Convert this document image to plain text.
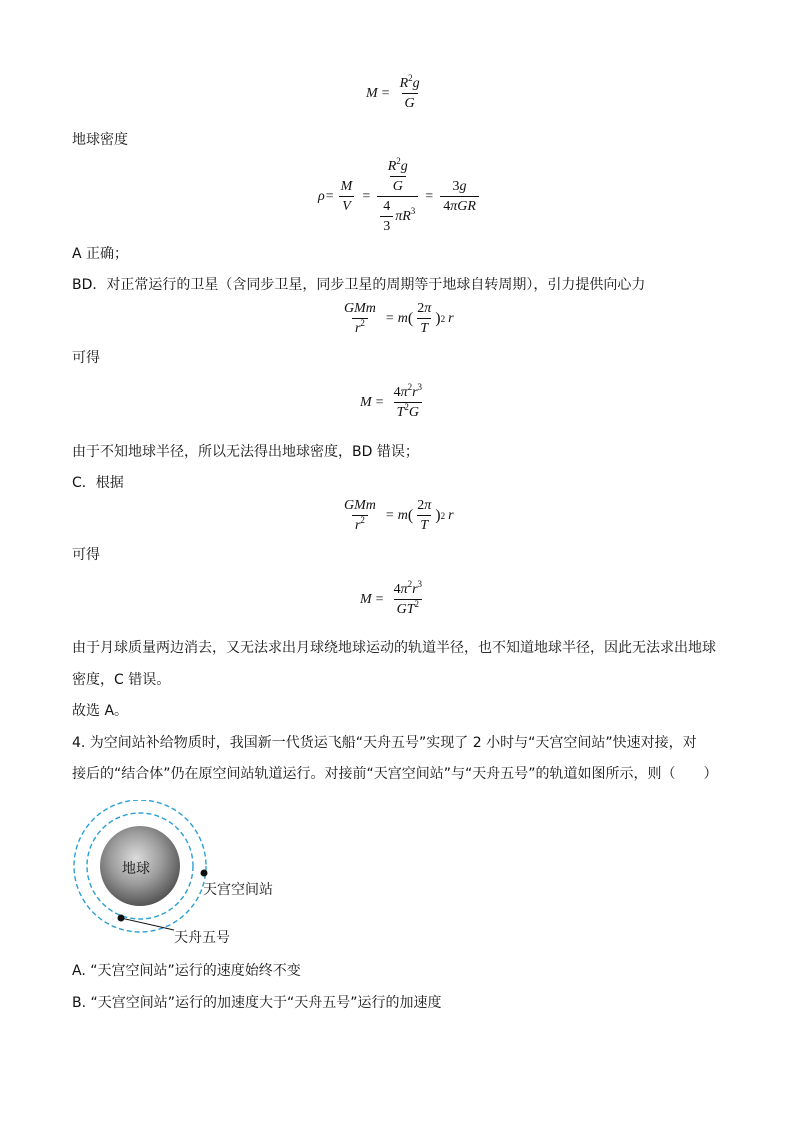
$M = \frac{R^2g}{G}$
地球密度
$\rho = \frac{M}{V} = \frac{\frac{R^2g}{G}}{\frac{4}{3} \pi R^3} = \frac{3g}{\text{4πGR}}$
A 正确；
BD．对正常运行的卫星（含同步卫星，同步卫星的周期等于地球自转周期），引力提供向心力
$\frac{\text{GMm}}{r^2} = m$ ( $\frac{2\pi}{T}$ ) 2 r
可得
$M = \frac{4\pi^2r^3}{T^2G}$
由于不知地球半径，所以无法得出地球密度，BD 错误；
C．根据
$\frac{\text{GMm}}{r^2} = m$ ( $\frac{2\pi}{T}$ ) 2 r
可得
$M = \frac{4\pi^2r^3}{GT^2}$
由于月球质量两边消去，又无法求出月球绕地球运动的轨道半径，也不知道地球半径，因此无法求出地球
密度，C 错误。
故选 A。
4. 为空间站补给物质时，我国新一代货运飞船“天舟五号”实现了 2 小时与“天宫空间站”快速对接，对
接后的“结合体”仍在原空间站轨道运行。对接前“天宫空间站”与“天舟五号”的轨道如图所示，则（　　）
地球
天宫空间站
天舟五号
A. “天宫空间站”运行的速度始终不变
B. “天宫空间站”运行的加速度大于“天舟五号”运行的加速度
